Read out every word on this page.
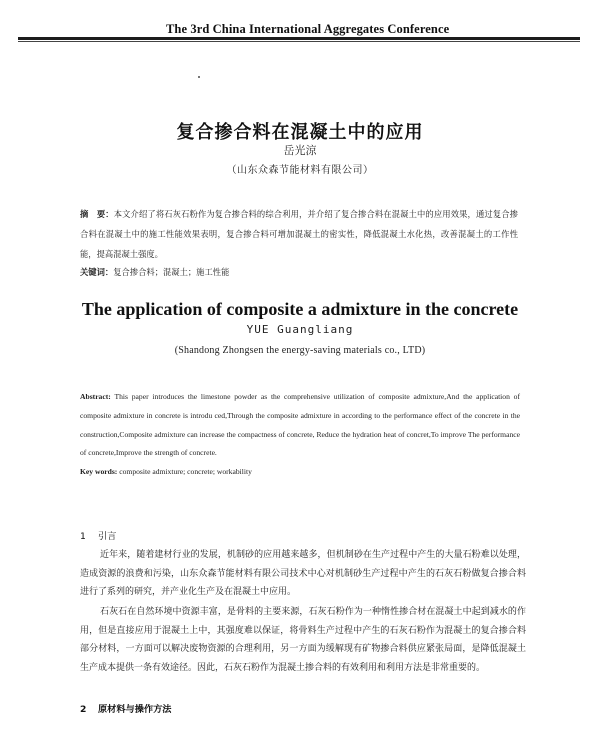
The 3rd China International Aggregates Conference
复合掺合料在混凝土中的应用
岳光涼
（山东众森节能材料有限公司）
摘　要：本文介绍了将石灰石粉作为复合掺合料的综合利用，并介绍了复合掺合料在混凝土中的应用效果，通过复合掺合料在混凝土中的施工性能效果表明，复合掺合料可增加混凝土的密实性，降低混凝土水化热，改善混凝土的工作性能，提高混凝土强度。
关键词：复合掺合料；混凝土；施工性能
The application of composite a admixture in the concrete
YUE Guangliang
(Shandong Zhongsen the energy-saving materials co., LTD)
Abstract: This paper introduces the limestone powder as the comprehensive utilization of composite admixture,And the application of composite admixture in concrete is introdu ced,Through the composite admixture in according to the performance effect of the concrete in the construction,Composite admixture can increase the compactness of concrete, Reduce the hydration heat of concret,To improve The performance of concrete,Improve the strength of concrete.
Key words: composite admixture; concrete; workability
1 引言
近年来，随着建材行业的发展，机制砂的应用越来越多，但机制砂在生产过程中产生的大量石粉难以处理，造成资源的浪费和污染，山东众森节能材料有限公司技术中心对机制砂生产过程中产生的石灰石粉做复合掺合料进行了系列的研究，并产业化生产及在混凝土中应用。
石灰石在自然环境中资源丰富，是骨料的主要来源，石灰石粉作为一种惰性掺合材在混凝土中起到减水的作用，但是直接应用于混凝土上中，其强度难以保证，将骨料生产过程中产生的石灰石粉作为混凝土的复合掺合料部分材料，一方面可以解决废物资源的合理利用，另一方面为缓解现有矿物掺合料供应紧张局面，是降低混凝土生产成本提供一条有效途径。因此，石灰石粉作为混凝土掺合料的有效利用和利用方法是非常重要的。
2 原材料与操作方法
